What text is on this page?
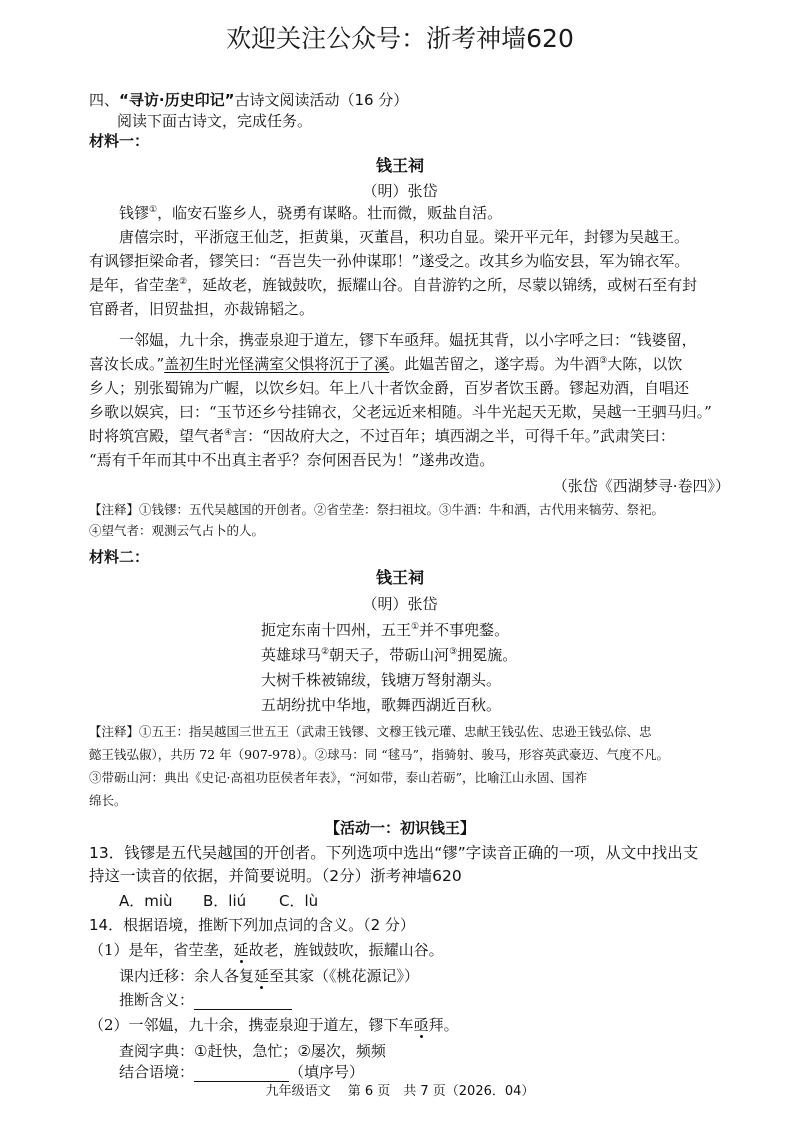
欢迎关注公众号：浙考神墙620
四、“寻访·历史印记”古诗文阅读活动（16 分）
阅读下面古诗文，完成任务。
材料一：
钱王祠
（明）张岱
钱镠①，临安石鉴乡人，骁勇有谋略。壮而微，贩盐自活。
唐僖宗时，平浙寇王仙芝，拒黄巢，灭董昌，积功自显。梁开平元年，封镠为吴越王。
有讽镠拒梁命者，镠笑曰：“吾岂失一孙仲谋耶！”遂受之。改其乡为临安县，军为锦衣军。
是年，省茔垄②，延故老，旌钺鼓吹，振耀山谷。自昔游钓之所，尽蒙以锦绣，或树石至有封
官爵者，旧贸盐担，亦裁锦韬之。
一邻媪，九十余，携壶泉迎于道左，镠下车亟拜。媪抚其背，以小字呼之曰：“钱婆留，
喜汝长成。”盖初生时光怪满室父惧将沉于了溪。此媪苦留之，遂字焉。为牛酒③大陈，以饮
乡人；别张蜀锦为广幄，以饮乡妇。年上八十者饮金爵，百岁者饮玉爵。镠起劝酒，自唱还
乡歌以娱宾，曰：“玉节还乡兮挂锦衣，父老远近来相随。斗牛光起天无欺，吴越一王驷马归。”
时将筑宫殿，望气者④言：“因故府大之，不过百年；填西湖之半，可得千年。”武肃笑曰：
“焉有千年而其中不出真主者乎？奈何困吾民为！”遂弗改造。
（张岱《西湖梦寻·卷四》）
【注释】①钱镠：五代吴越国的开创者。②省茔垄：祭扫祖坟。③牛酒：牛和酒，古代用来犒劳、祭祀。
④望气者：观测云气占卜的人。
材料二：
钱王祠
（明）张岱
扼定东南十四州，五王①并不事兜鍪。
英雄球马②朝天子，带砺山河③拥冕旒。
大树千株被锦绂，钱塘万弩射潮头。
五胡纷扰中华地，歌舞西湖近百秋。
【注释】①五王：指吴越国三世五王（武肃王钱镠、文穆王钱元瓘、忠献王钱弘佐、忠逊王钱弘倧、忠
懿王钱弘俶），共历 72 年（907-978）。②球马：同 “毬马”，指骑射、骏马，形容英武豪迈、气度不凡。
③带砺山河：典出《史记·高祖功臣侯者年表》，“河如带，泰山若砺”，比喻江山永固、国祚
绵长。
【活动一：初识钱王】
13．钱镠是五代吴越国的开创者。下列选项中选出“镠”字读音正确的一项，从文中找出支
持这一读音的依据，并简要说明。（2分）浙考神墙620
A．miù B．liú C．lù
14．根据语境，推断下列加点词的含义。（2 分）
（1）是年，省茔垄，延故老，旌钺鼓吹，振耀山谷。
课内迁移：余人各复延至其家（《桃花源记》）
推断含义：
（2）一邻媪，九十余，携壶泉迎于道左，镠下车亟拜。
查阅字典：①赶快，急忙；②屡次，频频
结合语境：	（填序号）
九年级语文　 第 6 页　共 7 页（2026．04）
